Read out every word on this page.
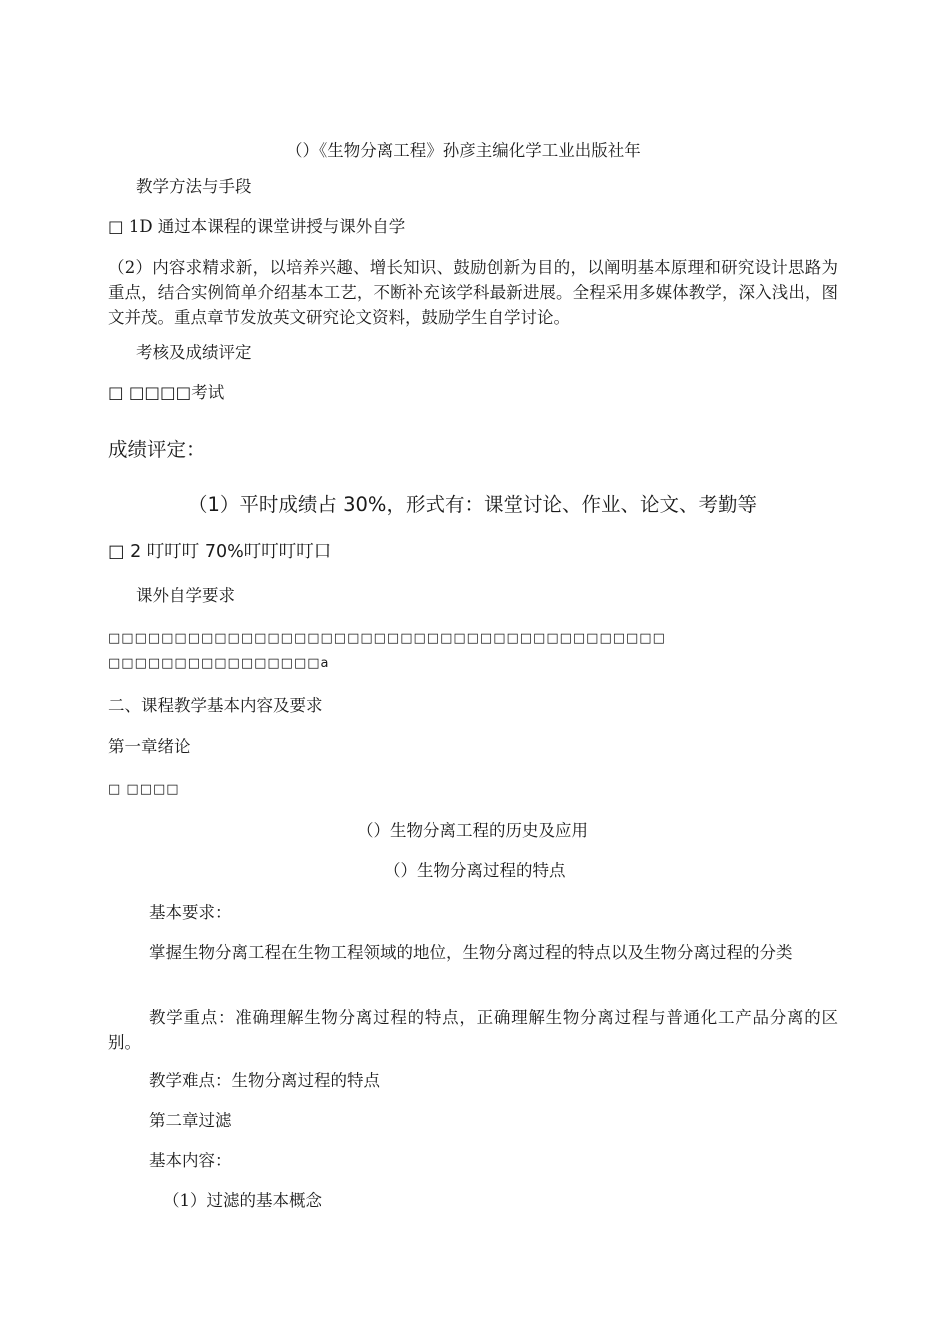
（）《生物分离工程》孙彦主编化学工业出版社年
教学方法与手段
□ 1D 通过本课程的课堂讲授与课外自学
（2）内容求精求新，以培养兴趣、增长知识、鼓励创新为目的，以阐明基本原理和研究设计思路为重点，结合实例简单介绍基本工艺，不断补充该学科最新进展。全程采用多媒体教学，深入浅出，图文并茂。重点章节发放英文研究论文资料，鼓励学生自学讨论。
考核及成绩评定
□ □□□□考试
成绩评定：
（1）平时成绩占 30%，形式有：课堂讨论、作业、论文、考勤等
□ 2 叮叮叮 70%叮叮叮叮口
课外自学要求
□□□□□□□□□□□□□□□□□□□□□□□□□□□□□□□□□□□□□□□□□□
□□□□□□□□□□□□□□□□a
二、课程教学基本内容及要求
第一章绪论
□ □□□□
（）生物分离工程的历史及应用
（）生物分离过程的特点
基本要求：
掌握生物分离工程在生物工程领域的地位，生物分离过程的特点以及生物分离过程的分类
教学重点：准确理解生物分离过程的特点，正确理解生物分离过程与普通化工产品分离的区别。
教学难点：生物分离过程的特点
第二章过滤
基本内容：
（1）过滤的基本概念
